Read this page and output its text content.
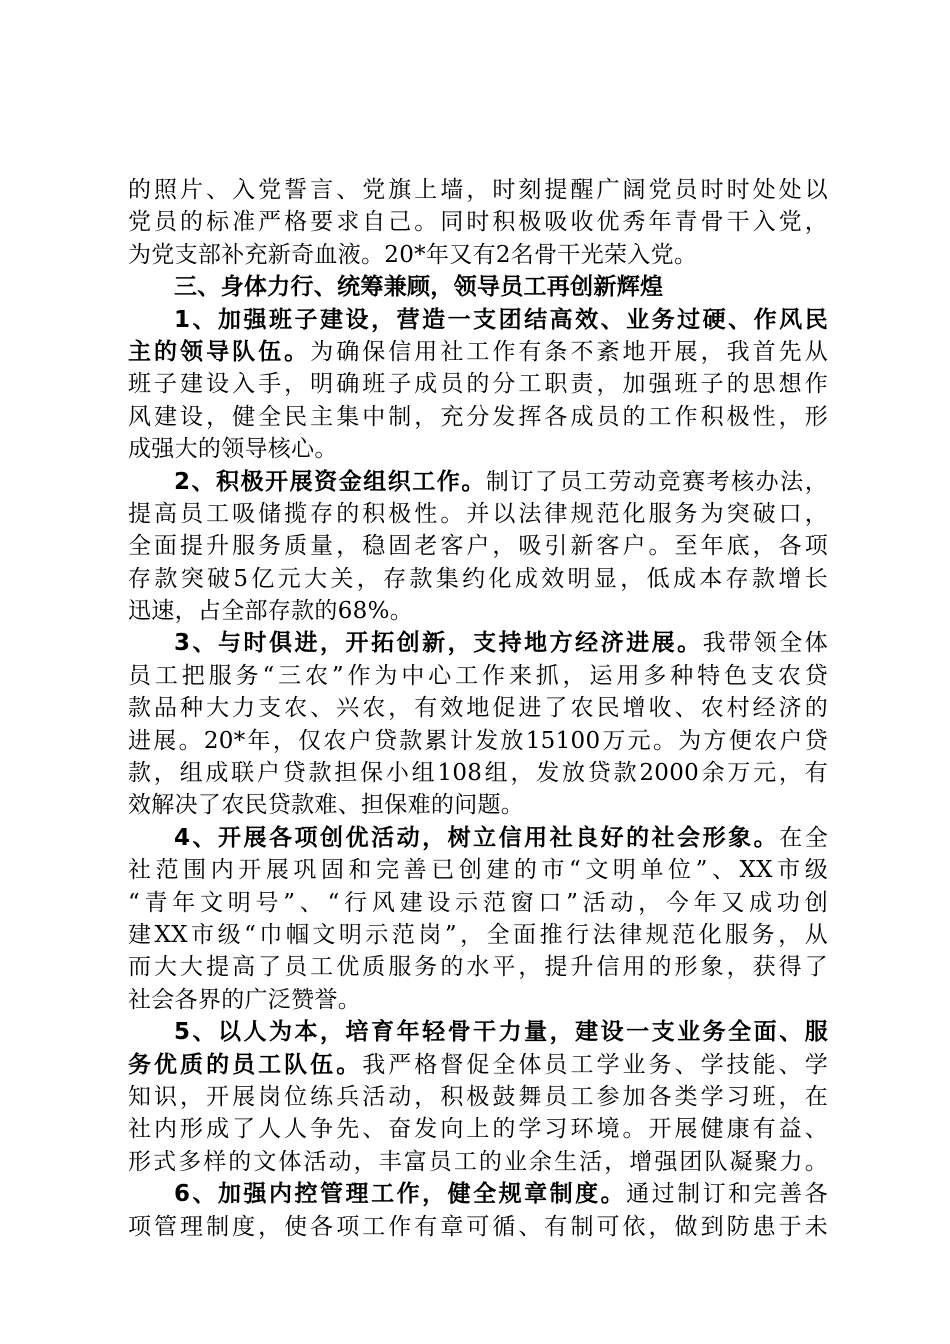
的照片、入党誓言、党旗上墙，时刻提醒广阔党员时时处处以
党员的标准严格要求自己。同时积极吸收优秀年青骨干入党，
为党支部补充新奇血液。20*年又有2名骨干光荣入党。
三、身体力行、统筹兼顾，领导员工再创新辉煌
1、加强班子建设，营造一支团结高效、业务过硬、作风民
主的领导队伍。为确保信用社工作有条不紊地开展，我首先从
班子建设入手，明确班子成员的分工职责，加强班子的思想作
风建设，健全民主集中制，充分发挥各成员的工作积极性，形
成强大的领导核心。
2、积极开展资金组织工作。制订了员工劳动竞赛考核办法，
提高员工吸储揽存的积极性。并以法律规范化服务为突破口，
全面提升服务质量，稳固老客户，吸引新客户。至年底，各项
存款突破5亿元大关，存款集约化成效明显，低成本存款增长
迅速，占全部存款的68%。
3、与时俱进，开拓创新，支持地方经济进展。我带领全体
员工把服务“三农”作为中心工作来抓，运用多种特色支农贷
款品种大力支农、兴农，有效地促进了农民增收、农村经济的
进展。20*年，仅农户贷款累计发放15100万元。为方便农户贷
款，组成联户贷款担保小组108组，发放贷款2000余万元，有
效解决了农民贷款难、担保难的问题。
4、开展各项创优活动，树立信用社良好的社会形象。在全
社范围内开展巩固和完善已创建的市“文明单位”、XX市级
“青年文明号”、“行风建设示范窗口”活动，今年又成功创
建XX市级“巾帼文明示范岗”，全面推行法律规范化服务，从
而大大提高了员工优质服务的水平，提升信用的形象，获得了
社会各界的广泛赞誉。
5、以人为本，培育年轻骨干力量，建设一支业务全面、服
务优质的员工队伍。我严格督促全体员工学业务、学技能、学
知识，开展岗位练兵活动，积极鼓舞员工参加各类学习班，在
社内形成了人人争先、奋发向上的学习环境。开展健康有益、
形式多样的文体活动，丰富员工的业余生活，增强团队凝聚力。
6、加强内控管理工作，健全规章制度。通过制订和完善各
项管理制度，使各项工作有章可循、有制可依，做到防患于未
